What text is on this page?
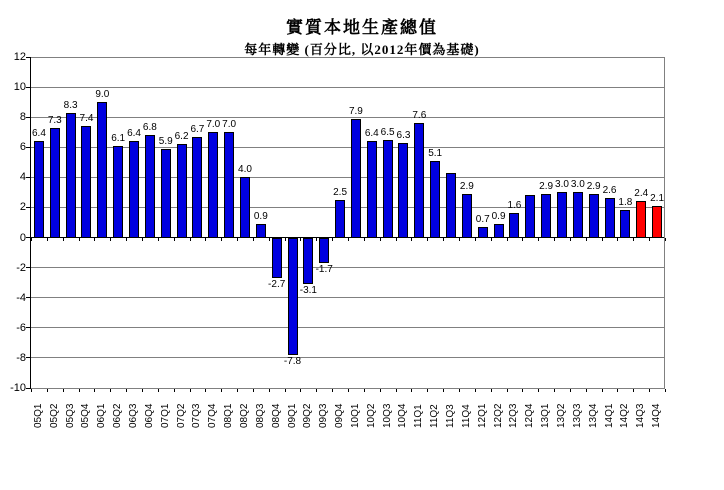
實質本地生產總值
每年轉變 (百分比, 以2012年價為基礎)
12
10
8
6
4
2
0
-2
-4
-6
-8
-10
6.4
05Q1
7.3
05Q2
8.3
05Q3
7.4
05Q4
9.0
06Q1
6.1
06Q2
6.4
06Q3
6.8
06Q4
5.9
07Q1
6.2
07Q2
6.7
07Q3
7.0
07Q4
7.0
08Q1
4.0
08Q2
0.9
08Q3
-2.7
08Q4
-7.8
09Q1
-3.1
09Q2
-1.7
09Q3
2.5
09Q4
7.9
10Q1
6.4
10Q2
6.5
10Q3
6.3
10Q4
7.6
11Q1
5.1
11Q2 11Q3
2.9
11Q4
0.7
12Q1
0.9
12Q2
1.6
12Q3 12Q4
2.9
13Q1
3.0
13Q2
3.0
13Q3
2.9
13Q4
2.6
14Q1
1.8
14Q2
2.4
14Q3
2.1
14Q4
